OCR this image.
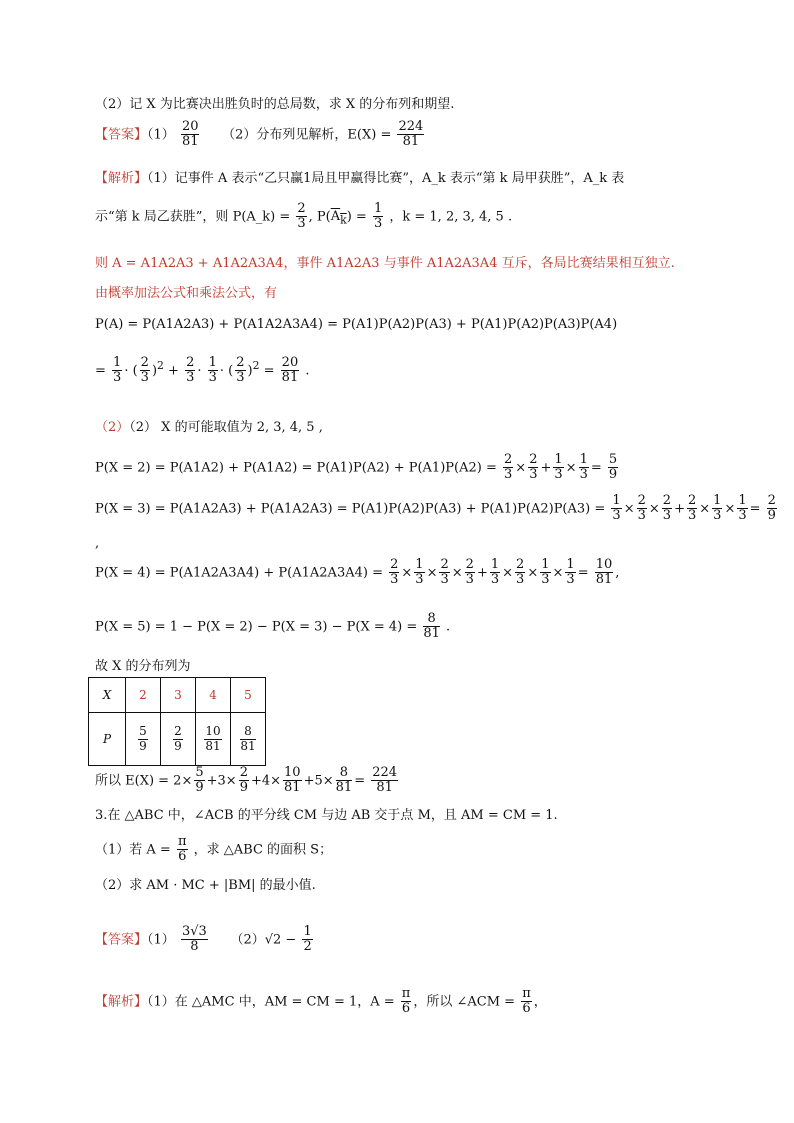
（2）记 X 为比赛决出胜负时的总局数，求 X 的分布列和期望.
【答案】$(1) \frac{20}{81} (2)$分布列见解析，$E(X) = \frac{224}{81}$
【解析】（1）记事件 A 表示“乙只赢1局且甲赢得比赛”，A_k 表示“第 k 局甲获胜”，A_k 表
示“第 k 局乙获胜”，则 P(A_k) = $\frac{2}{3}$ , $P(A_k) = \frac{1}{3}$ ，k = 1, 2, 3, 4, 5 .
则 A = A1A2A3 + A1A2A3A4，事件 A1A2A3 与事件 A1A2A3A4 互斥，各局比赛结果相互独立.
由概率加法公式和乘法公式，有
P(A) = P(A1A2A3) + P(A1A2A3A4) = P(A1)P(A2)P(A3) + P(A1)P(A2)P(A3)P(A4)
= $\frac{1}{3}$ · ( $\frac{2}{3} )^2 + \frac{2}{3} \cdot \frac{1}{3}$ · ( $\frac{2}{3} )^2 = \frac{20}{81}$ .
（2）（2） X 的可能取值为 2, 3, 4, 5 ,
$P(X = 2) = P(A1A2) + P(A1A2) = P(A1)P(A2) + P(A1)P(A2) = \frac{2}{3} \times \frac{2}{3} + \frac{1}{3} \times \frac{1}{3} = \frac{5}{9}$
$P(X = 3) = P(A1A2A3) + P(A1A2A3) = P(A1)P(A2)P(A3) + P(A1)P(A2)P(A3) = \frac{1}{3} \times \frac{2}{3} \times \frac{2}{3} + \frac{2}{3} \times \frac{1}{3} \times \frac{1}{3} = \frac{2}{9}$
,
$P(X = 4) = P(A1A2A3A4) + P(A1A2A3A4) = \frac{2}{3} \times \frac{1}{3} \times \frac{2}{3} \times \frac{2}{3} + \frac{1}{3} \times \frac{2}{3} \times \frac{1}{3} \times \frac{1}{3} = \frac{10}{81}$ ,
$P(X = 5) = 1 - P(X = 2) - P(X = 3) - P(X = 4) = \frac{8}{81}$ .
故 X 的分布列为
X	2	3	4	5
P	$\frac{5}{9}$	$\frac{2}{9}$	$\frac{10}{81}$	$\frac{8}{81}$
所以 $E(X) = 2\times \frac{5}{9} +3\times \frac{2}{9} +4\times \frac{10}{81} +5\times \frac{8}{81} = \frac{224}{81}$
3.在 △ABC 中，∠ACB 的平分线 CM 与边 AB 交于点 M，且 AM = CM = 1.
（1）若 $A = \frac{\pi}{6}$ ，求 △ABC 的面积 S；
（2）求 AM · MC + |BM| 的最小值.
【答案】$(1) \frac{3√3}{8} (2)√2 - \frac{1}{2}$
【解析】（1）在 △AMC 中，AM = CM = 1，$A = \frac{\pi}{6}$ ，所以 ∠ACM = $\frac{\pi}{6}$ ，
